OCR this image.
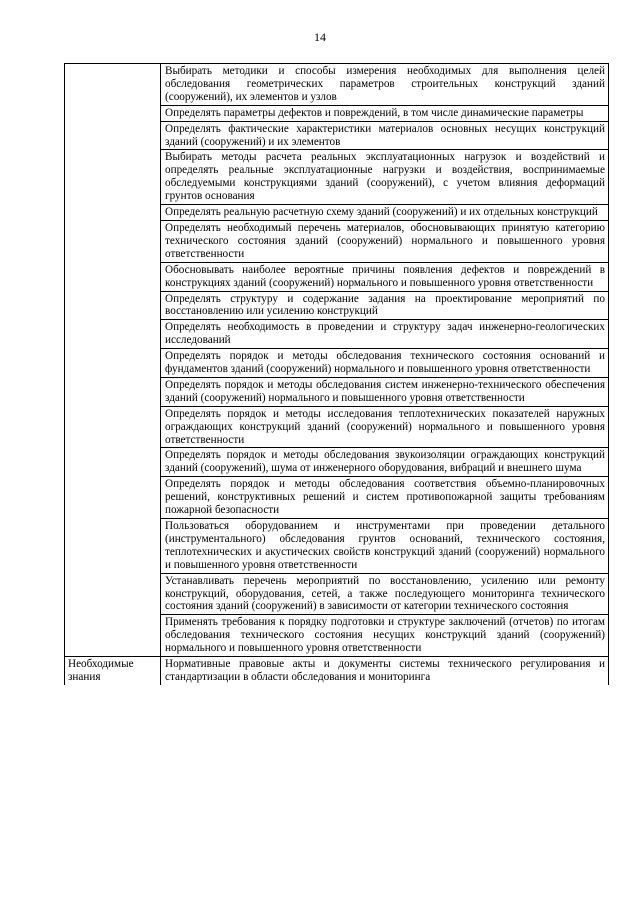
14
	Выбирать методики и способы измерения необходимых для выполнения целей обследования геометрических параметров строительных конструкций зданий (сооружений), их элементов и узлов
	Определять параметры дефектов и повреждений, в том числе динамические параметры
	Определять фактические характеристики материалов основных несущих конструкций зданий (сооружений) и их элементов
	Выбирать методы расчета реальных эксплуатационных нагрузок и воздействий и определять реальные эксплуатационные нагрузки и воздействия, воспринимаемые обследуемыми конструкциями зданий (сооружений), с учетом влияния деформаций грунтов основания
	Определять реальную расчетную схему зданий (сооружений) и их отдельных конструкций
	Определять необходимый перечень материалов, обосновывающих принятую категорию технического состояния зданий (сооружений) нормального и повышенного уровня ответственности
	Обосновывать наиболее вероятные причины появления дефектов и повреждений в конструкциях зданий (сооружений) нормального и повышенного уровня ответственности
	Определять структуру и содержание задания на проектирование мероприятий по восстановлению или усилению конструкций
	Определять необходимость в проведении и структуру задач инженерно-геологических исследований
	Определять порядок и методы обследования технического состояния оснований и фундаментов зданий (сооружений) нормального и повышенного уровня ответственности
	Определять порядок и методы обследования систем инженерно-технического обеспечения зданий (сооружений) нормального и повышенного уровня ответственности
	Определять порядок и методы исследования теплотехнических показателей наружных ограждающих конструкций зданий (сооружений) нормального и повышенного уровня ответственности
	Определять порядок и методы обследования звукоизоляции ограждающих конструкций зданий (сооружений), шума от инженерного оборудования, вибраций и внешнего шума
	Определять порядок и методы обследования соответствия объемно-планировочных решений, конструктивных решений и систем противопожарной защиты требованиям пожарной безопасности
	Пользоваться оборудованием и инструментами при проведении детального (инструментального) обследования грунтов оснований, технического состояния, теплотехнических и акустических свойств конструкций зданий (сооружений) нормального и повышенного уровня ответственности
	Устанавливать перечень мероприятий по восстановлению, усилению или ремонту конструкций, оборудования, сетей, а также последующего мониторинга технического состояния зданий (сооружений) в зависимости от категории технического состояния
	Применять требования к порядку подготовки и структуре заключений (отчетов) по итогам обследования технического состояния несущих конструкций зданий (сооружений) нормального и повышенного уровня ответственности
Необходимые знания	Нормативные правовые акты и документы системы технического регулирования и стандартизации в области обследования и мониторинга
